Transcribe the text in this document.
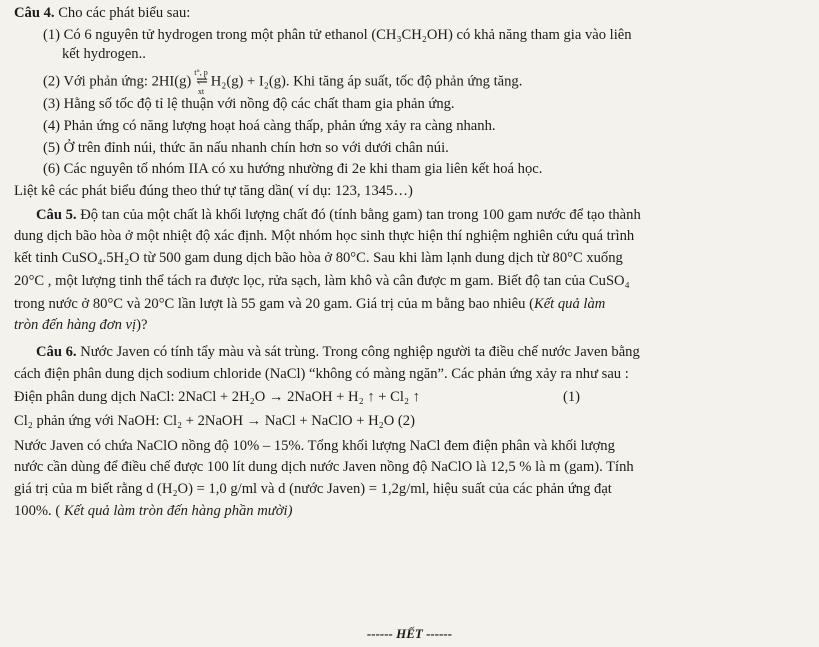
Câu 4. Cho các phát biểu sau:
(1) Có 6 nguyên tử hydrogen trong một phân tử ethanol (CH₃CH₂OH) có khả năng tham gia vào liên
kết hydrogen..
(2) Với phản ứng: 2HI(g)t°, p
⇌
xtH₂(g) + I₂(g). Khi tăng áp suất, tốc độ phản ứng tăng.
(3) Hằng số tốc độ tỉ lệ thuận với nồng độ các chất tham gia phản ứng.
(4) Phản ứng có năng lượng hoạt hoá càng thấp, phản ứng xảy ra càng nhanh.
(5) Ở trên đỉnh núi, thức ăn nấu nhanh chín hơn so với dưới chân núi.
(6) Các nguyên tố nhóm IIA có xu hướng nhường đi 2e khi tham gia liên kết hoá học.
Liệt kê các phát biểu đúng theo thứ tự tăng dần( ví dụ: 123, 1345…)
Câu 5. Độ tan của một chất là khối lượng chất đó (tính bằng gam) tan trong 100 gam nước để tạo thành
dung dịch bão hòa ở một nhiệt độ xác định. Một nhóm học sinh thực hiện thí nghiệm nghiên cứu quá trình
kết tinh CuSO₄.5H₂O từ 500 gam dung dịch bão hòa ở 80°C. Sau khi làm lạnh dung dịch từ 80°C xuống
20°C , một lượng tinh thể tách ra được lọc, rửa sạch, làm khô và cân được m gam. Biết độ tan của CuSO₄
trong nước ở 80°C và 20°C lần lượt là 55 gam và 20 gam. Giá trị của m bằng bao nhiêu (Kết quả làm
tròn đến hàng đơn vị)?
Câu 6. Nước Javen có tính tẩy màu và sát trùng. Trong công nghiệp người ta điều chế nước Javen bằng
cách điện phân dung dịch sodium chloride (NaCl) “không có màng ngăn”. Các phản ứng xảy ra như sau :
Điện phân dung dịch NaCl: 2NaCl + 2H₂O → 2NaOH + H₂ ↑ + Cl₂ ↑	(1)
Cl₂ phản ứng với NaOH: Cl₂ + 2NaOH → NaCl + NaClO + H₂O (2)
Nước Javen có chứa NaClO nồng độ 10% – 15%. Tổng khối lượng NaCl đem điện phân và khối lượng
nước cần dùng để điều chế được 100 lít dung dịch nước Javen nồng độ NaClO là 12,5 % là m (gam). Tính
giá trị của m biết rằng d (H₂O) = 1,0 g/ml và d (nước Javen) = 1,2g/ml, hiệu suất của các phản ứng đạt
100%. ( Kết quả làm tròn đến hàng phần mười)
------ HẾT ------
